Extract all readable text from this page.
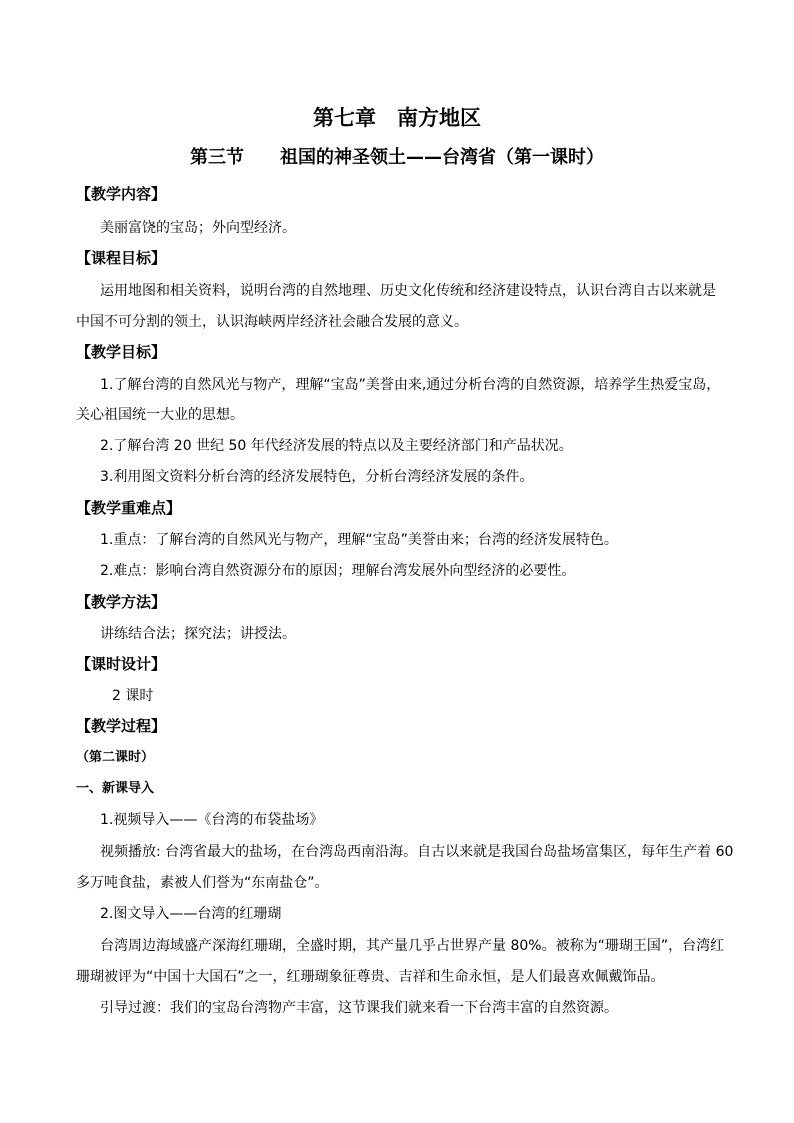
第七章　南方地区
第三节　　祖国的神圣领土——台湾省（第一课时）
【教学内容】
美丽富饶的宝岛；外向型经济。
【课程目标】
运用地图和相关资料，说明台湾的自然地理、历史文化传统和经济建设特点，认识台湾自古以来就是
中国不可分割的领土，认识海峡两岸经济社会融合发展的意义。
【教学目标】
1.了解台湾的自然风光与物产，理解“宝岛”美誉由来,通过分析台湾的自然资源，培养学生热爱宝岛，
关心祖国统一大业的思想。
2.了解台湾 20 世纪 50 年代经济发展的特点以及主要经济部门和产品状况。
3.利用图文资料分析台湾的经济发展特色，分析台湾经济发展的条件。
【教学重难点】
1.重点：了解台湾的自然风光与物产，理解“宝岛”美誉由来；台湾的经济发展特色。
2.难点：影响台湾自然资源分布的原因；理解台湾发展外向型经济的必要性。
【教学方法】
讲练结合法；探究法；讲授法。
【课时设计】
2 课时
【教学过程】
（第二课时）
一、新课导入
1.视频导入——《台湾的布袋盐场》
视频播放: 台湾省最大的盐场，在台湾岛西南沿海。自古以来就是我国台岛盐场富集区，每年生产着 60
多万吨食盐，素被人们誉为“东南盐仓”。
2.图文导入——台湾的红珊瑚
台湾周边海域盛产深海红珊瑚，全盛时期，其产量几乎占世界产量 80%。被称为“珊瑚王国”，台湾红
珊瑚被评为“中国十大国石”之一，红珊瑚象征尊贵、吉祥和生命永恒，是人们最喜欢佩戴饰品。
引导过渡：我们的宝岛台湾物产丰富，这节课我们就来看一下台湾丰富的自然资源。
